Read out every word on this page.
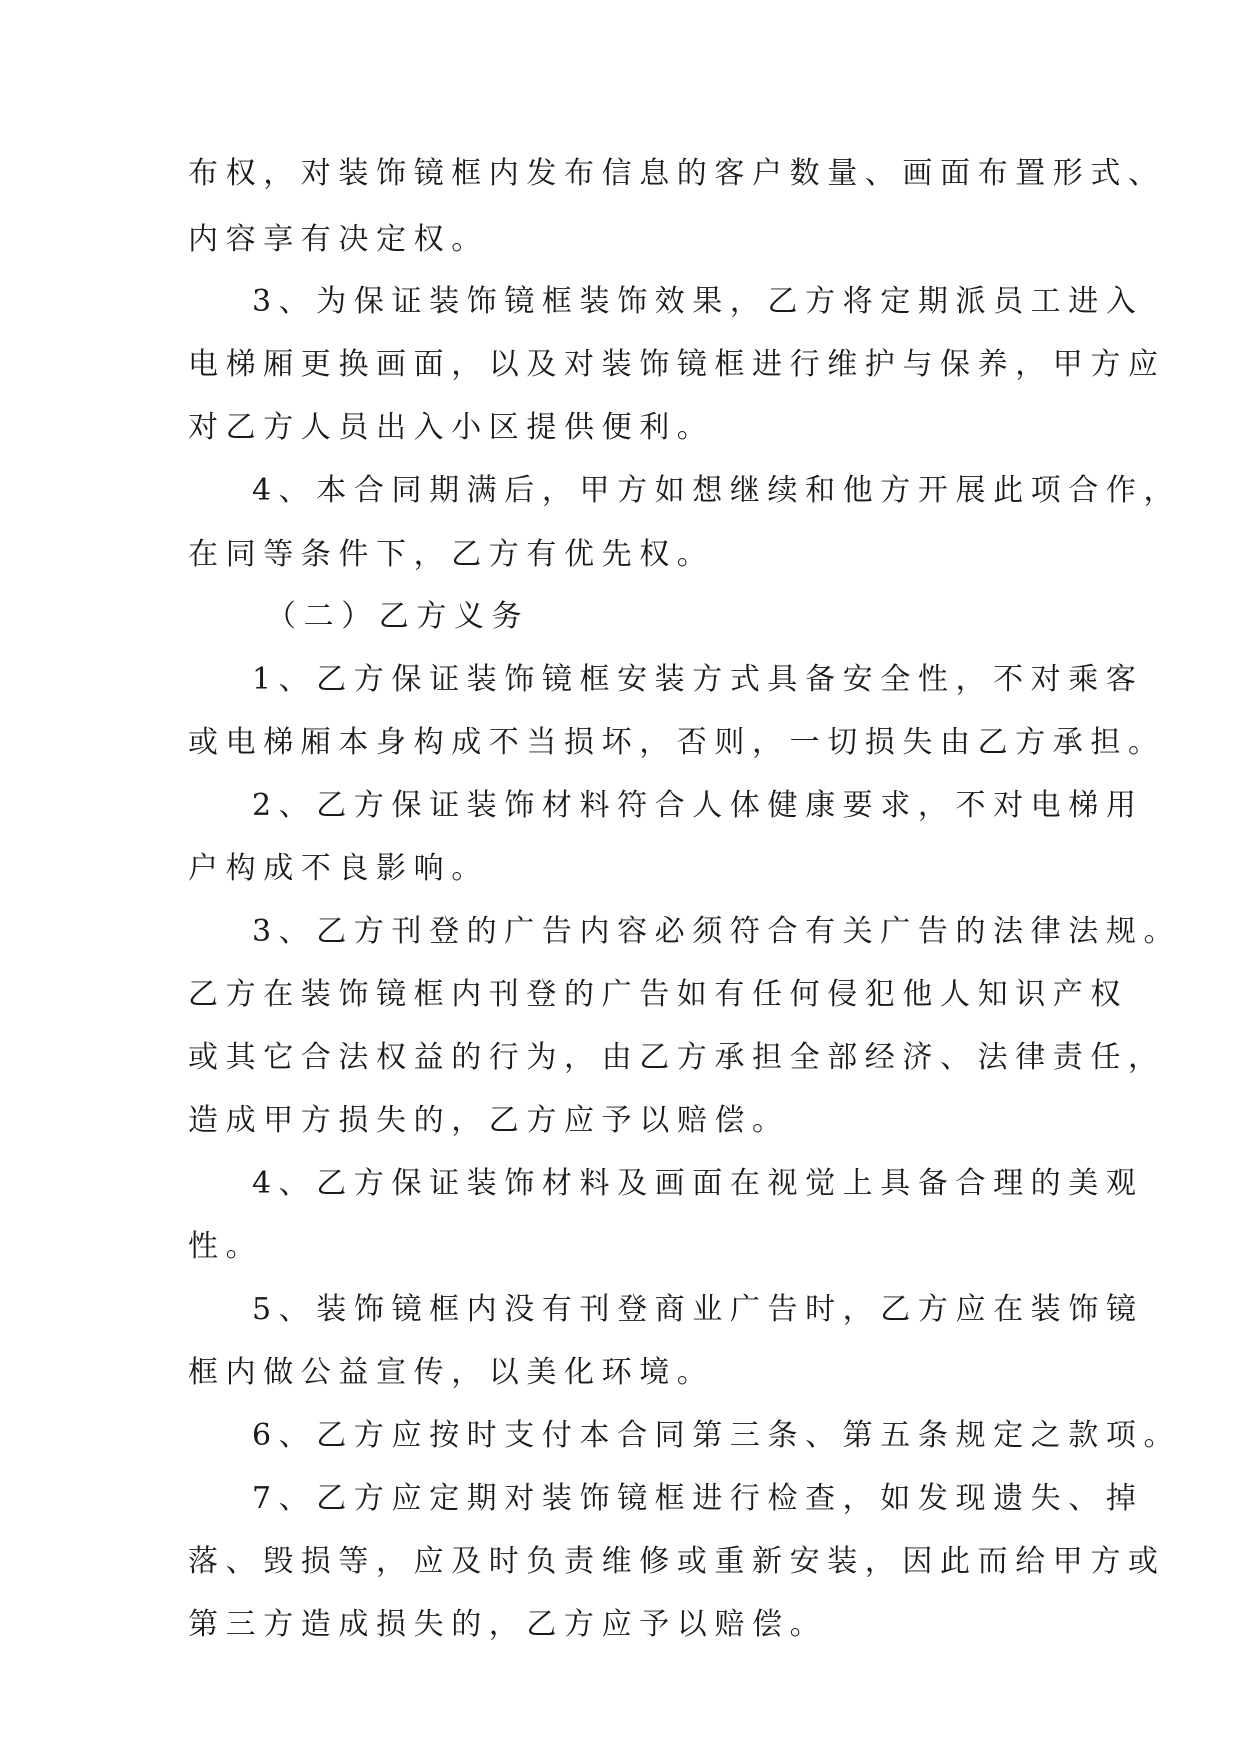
布权，对装饰镜框内发布信息的客户数量、画面布置形式、
内容享有决定权。
3、为保证装饰镜框装饰效果，乙方将定期派员工进入
电梯厢更换画面，以及对装饰镜框进行维护与保养，甲方应
对乙方人员出入小区提供便利。
4、本合同期满后，甲方如想继续和他方开展此项合作，
在同等条件下，乙方有优先权。
（二）乙方义务
1、乙方保证装饰镜框安装方式具备安全性，不对乘客
或电梯厢本身构成不当损坏，否则，一切损失由乙方承担。
2、乙方保证装饰材料符合人体健康要求，不对电梯用
户构成不良影响。
3、乙方刊登的广告内容必须符合有关广告的法律法规。
乙方在装饰镜框内刊登的广告如有任何侵犯他人知识产权
或其它合法权益的行为，由乙方承担全部经济、法律责任，
造成甲方损失的，乙方应予以赔偿。
4、乙方保证装饰材料及画面在视觉上具备合理的美观
性。
5、装饰镜框内没有刊登商业广告时，乙方应在装饰镜
框内做公益宣传，以美化环境。
6、乙方应按时支付本合同第三条、第五条规定之款项。
7、乙方应定期对装饰镜框进行检查，如发现遗失、掉
落、毁损等，应及时负责维修或重新安装，因此而给甲方或
第三方造成损失的，乙方应予以赔偿。
